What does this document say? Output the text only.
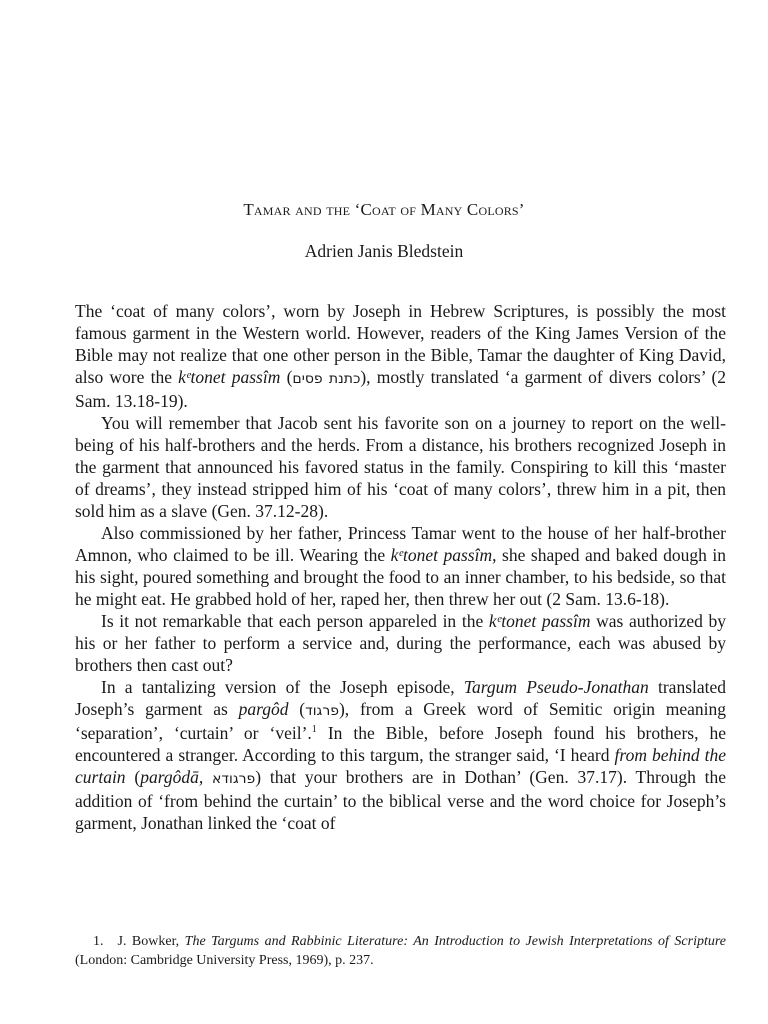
Tamar and the ‘Coat of Many Colors’
Adrien Janis Bledstein

The ‘coat of many colors’, worn by Joseph in Hebrew Scriptures, is possibly the most famous garment in the Western world. However, readers of the King James Version of the Bible may not realize that one other person in the Bible, Tamar the daughter of King David, also wore the kᵉtonet passîm (כתנת פסים), mostly translated ‘a garment of divers colors’ (2 Sam. 13.18-19).

You will remember that Jacob sent his favorite son on a journey to report on the well-being of his half-brothers and the herds. From a distance, his brothers recognized Joseph in the garment that announced his favored status in the family. Conspiring to kill this ‘master of dreams’, they instead stripped him of his ‘coat of many colors’, threw him in a pit, then sold him as a slave (Gen. 37.12-28).

Also commissioned by her father, Princess Tamar went to the house of her half-brother Amnon, who claimed to be ill. Wearing the kᵉtonet passîm, she shaped and baked dough in his sight, poured something and brought the food to an inner chamber, to his bedside, so that he might eat. He grabbed hold of her, raped her, then threw her out (2 Sam. 13.6-18).

Is it not remarkable that each person appareled in the kᵉtonet passîm was authorized by his or her father to perform a service and, during the performance, each was abused by brothers then cast out?

In a tantalizing version of the Joseph episode, Targum Pseudo-Jonathan translated Joseph’s garment as pargôd (פרגוד), from a Greek word of Semitic origin meaning ‘separation’, ‘curtain’ or ‘veil’.$^1$ In the Bible, before Joseph found his brothers, he encountered a stranger. According to this targum, the stranger said, ‘I heard from behind the curtain (pargôdā, פרגודא) that your brothers are in Dothan’ (Gen. 37.17). Through the addition of ‘from behind the curtain’ to the biblical verse and the word choice for Joseph’s garment, Jonathan linked the ‘coat of

1. J. Bowker, The Targums and Rabbinic Literature: An Introduction to Jewish Interpretations of Scripture (London: Cambridge University Press, 1969), p. 237.
